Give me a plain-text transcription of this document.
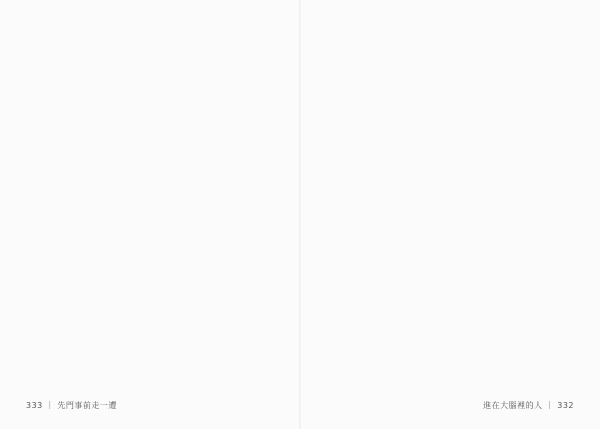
333 ｜ 先門事前走一遭	進在大腦裡的人 ｜ 332
